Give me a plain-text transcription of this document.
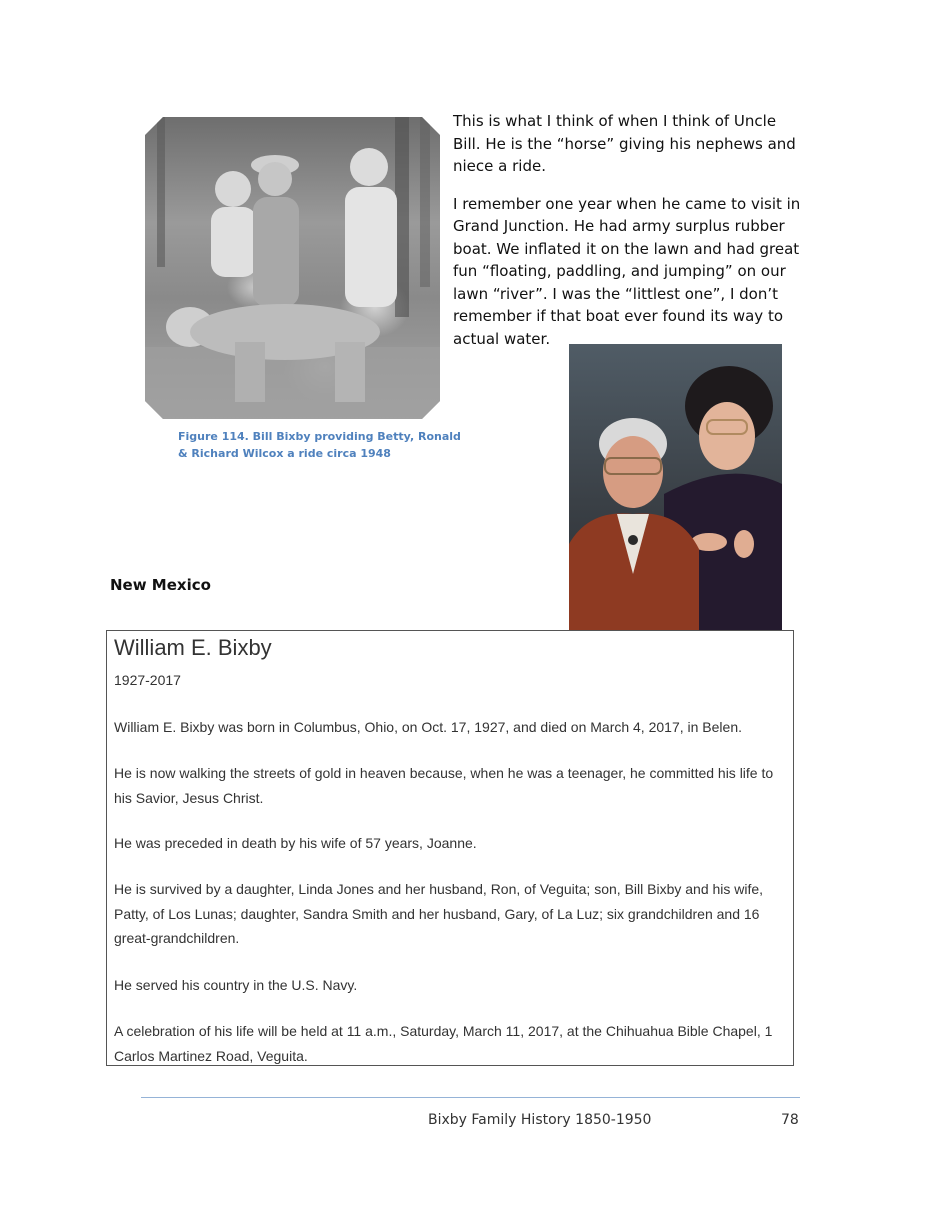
Figure 114. Bill Bixby providing Betty, Ronald
& Richard Wilcox a ride circa 1948

This is what I think of when I think of Uncle Bill. He is the “horse” giving his nephews and niece a ride.

I remember one year when he came to visit in Grand Junction. He had army surplus rubber boat. We inflated it on the lawn and had great fun “floating, paddling, and jumping” on our lawn “river”. I was the “littlest one”, I don’t remember if that boat ever found its way to actual water.

New Mexico
William E. Bixby
1927-2017

William E. Bixby was born in Columbus, Ohio, on Oct. 17, 1927, and died on March 4, 2017, in Belen.

He is now walking the streets of gold in heaven because, when he was a teenager, he committed his life to his Savior, Jesus Christ.

He was preceded in death by his wife of 57 years, Joanne.

He is survived by a daughter, Linda Jones and her husband, Ron, of Veguita; son, Bill Bixby and his wife, Patty, of Los Lunas; daughter, Sandra Smith and her husband, Gary, of La Luz; six grandchildren and 16 great-grandchildren.

He served his country in the U.S. Navy.

A celebration of his life will be held at 11 a.m., Saturday, March 11, 2017, at the Chihuahua Bible Chapel, 1 Carlos Martinez Road, Veguita.

Bixby Family History 1850-1950	78
